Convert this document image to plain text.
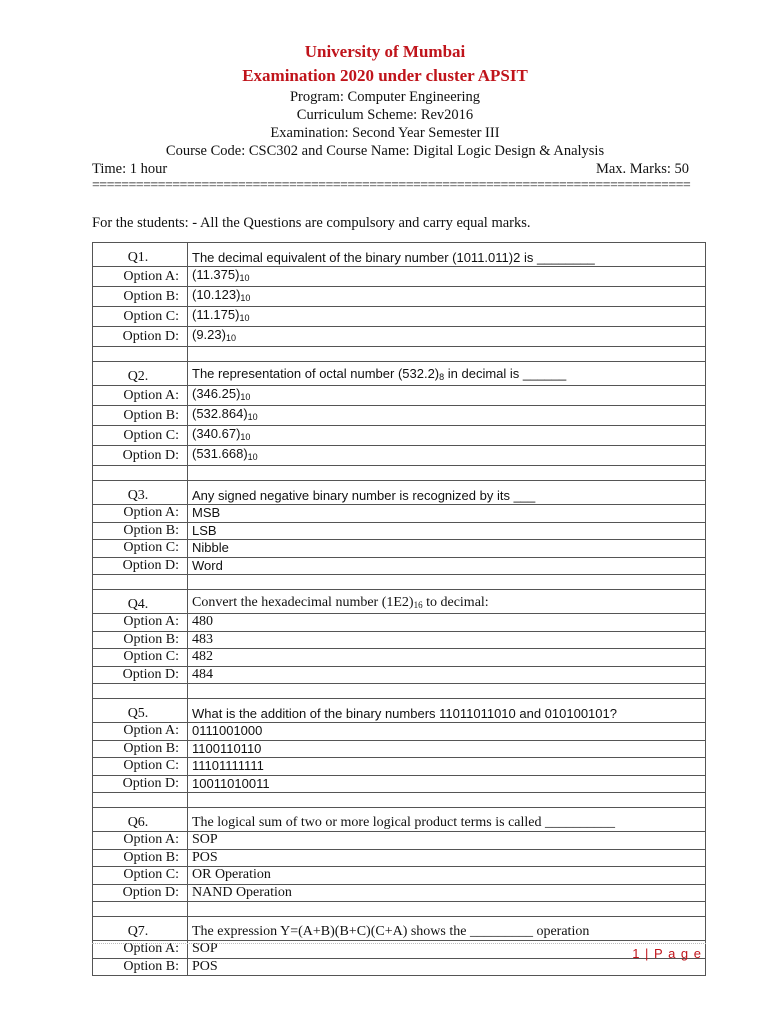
University of Mumbai
Examination 2020 under cluster APSIT
Program: Computer Engineering
Curriculum Scheme: Rev2016
Examination: Second Year Semester III
Course Code: CSC302 and Course Name: Digital Logic Design & Analysis
Time: 1 hour	Max. Marks: 50
==================================================================================
For the students: - All the Questions are compulsory and carry equal marks.
Q1.	The decimal equivalent of the binary number (1011.011)2 is ________
Option A:	$(11.375)_{10}$
Option B:	$(10.123)_{10}$
Option C:	$(11.175)_{10}$
Option D:	$(9.23)_{10}$

Q2.	The representation of octal number $(532.2)_8$ in decimal is ______
Option A:	$(346.25)_{10}$
Option B:	$(532.864)_{10}$
Option C:	$(340.67)_{10}$
Option D:	$(531.668)_{10}$

Q3.	Any signed negative binary number is recognized by its ___
Option A:	MSB
Option B:	LSB
Option C:	Nibble
Option D:	Word

Q4.	Convert the hexadecimal number $(1E2)_{16}$ to decimal:
Option A:	480
Option B:	483
Option C:	482
Option D:	484

Q5.	What is the addition of the binary numbers 11011011010 and 010100101?
Option A:	0111001000
Option B:	1100110110
Option C:	11101111111
Option D:	10011010011

Q6.	The logical sum of two or more logical product terms is called __________
Option A:	SOP
Option B:	POS
Option C:	OR Operation
Option D:	NAND Operation

Q7.	The expression Y=(A+B)(B+C)(C+A) shows the _________ operation
Option A:	SOP
Option B:	POS
1 | P a g e
